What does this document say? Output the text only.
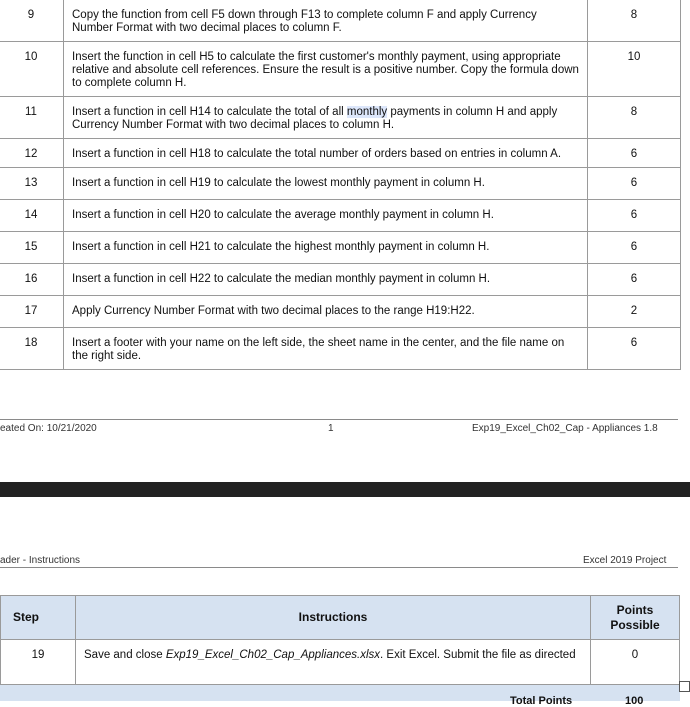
9	Copy the function from cell F5 down through F13 to complete column F and apply Currency Number Format with two decimal places to column F.	8
10	Insert the function in cell H5 to calculate the first customer's monthly payment, using appropriate relative and absolute cell references. Ensure the result is a positive number. Copy the formula down to complete column H.	10
11	Insert a function in cell H14 to calculate the total of all monthly payments in column H and apply Currency Number Format with two decimal places to column H.	8
12	Insert a function in cell H18 to calculate the total number of orders based on entries in column A.	6
13	Insert a function in cell H19 to calculate the lowest monthly payment in column H.	6
14	Insert a function in cell H20 to calculate the average monthly payment in column H.	6
15	Insert a function in cell H21 to calculate the highest monthly payment in column H.	6
16	Insert a function in cell H22 to calculate the median monthly payment in column H.	6
17	Apply Currency Number Format with two decimal places to the range H19:H22.	2
18	Insert a footer with your name on the left side, the sheet name in the center, and the file name on the right side.	6
eated On: 10/21/2020	1	Exp19_Excel_Ch02_Cap - Appliances 1.8
ader - Instructions	Excel 2019 Project
Step	Instructions	Points Possible
19	Save and close Exp19_Excel_Ch02_Cap_Appliances.xlsx. Exit Excel. Submit the file as directed	0
Total Points	100
